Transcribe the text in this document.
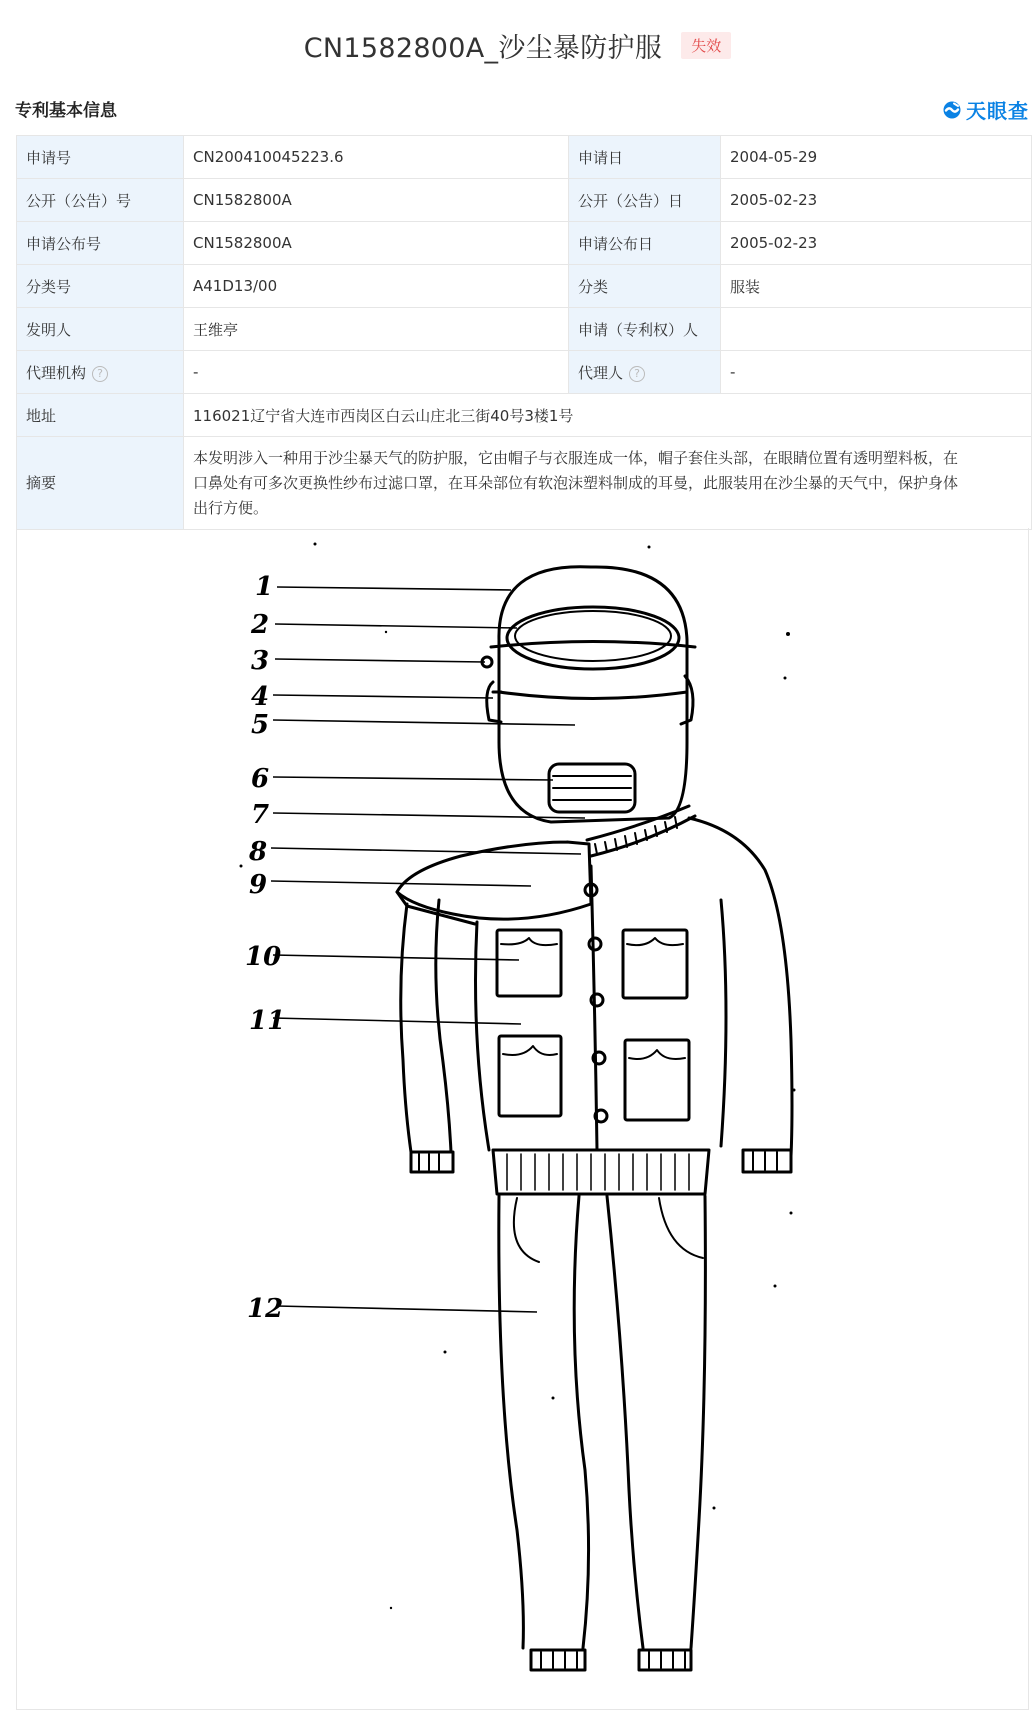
CN1582800A_沙尘暴防护服 失效
专利基本信息	天眼查
申请号	CN200410045223.6	申请日	2004-05-29
公开（公告）号	CN1582800A	公开（公告）日	2005-02-23
申请公布号	CN1582800A	申请公布日	2005-02-23
分类号	A41D13/00	分类	服装
发明人	王维亭	申请（专利权）人	
代理机构 ?	-	代理人 ?	-
地址	116021辽宁省大连市西岗区白云山庄北三街40号3楼1号		
摘要	本发明涉入一种用于沙尘暴天气的防护服，它由帽子与衣服连成一体，帽子套住头部，在眼睛位置有透明塑料板，在
口鼻处有可多次更换性纱布过滤口罩，在耳朵部位有软泡沫塑料制成的耳曼，此服装用在沙尘暴的天气中，保护身体
出行方便。		
1
2
3
4
5
6
7
8
9
10
11
12
